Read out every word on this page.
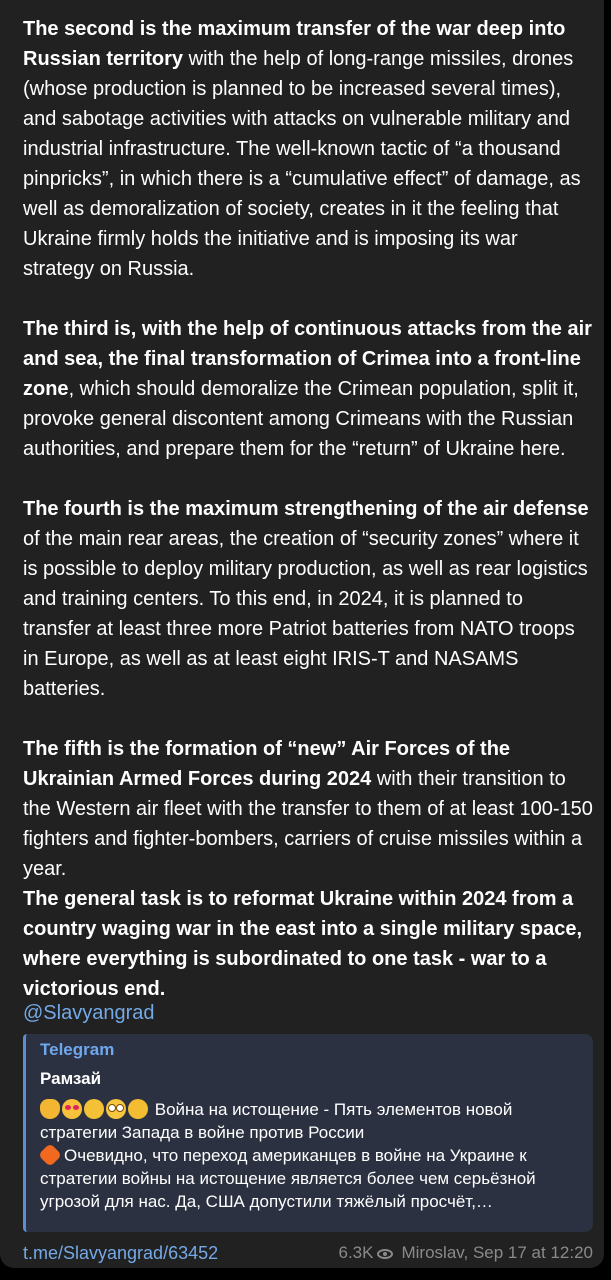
The second is the maximum transfer of the war deep into Russian territory with the help of long-range missiles, drones (whose production is planned to be increased several times), and sabotage activities with attacks on vulnerable military and industrial infrastructure. The well-known tactic of “a thousand pinpricks”, in which there is a “cumulative effect” of damage, as well as demoralization of society, creates in it the feeling that Ukraine firmly holds the initiative and is imposing its war strategy on Russia.

The third is, with the help of continuous attacks from the air and sea, the final transformation of Crimea into a front-line zone, which should demoralize the Crimean population, split it, provoke general discontent among Crimeans with the Russian authorities, and prepare them for the “return” of Ukraine here.

The fourth is the maximum strengthening of the air defense of the main rear areas, the creation of “security zones” where it is possible to deploy military production, as well as rear logistics and training centers. To this end, in 2024, it is planned to transfer at least three more Patriot batteries from NATO troops in Europe, as well as at least eight IRIS-T and NASAMS batteries.

The fifth is the formation of “new” Air Forces of the Ukrainian Armed Forces during 2024 with their transition to the Western air fleet with the transfer to them of at least 100-150 fighters and fighter-bombers, carriers of cruise missiles within a year.

The general task is to reformat Ukraine within 2024 from a country waging war in the east into a single military space, where everything is subordinated to one task - war to a victorious end.

@Slavyangrad
Telegram
Рамзай
Война на истощение - Пять элементов новой стратегии Запада в войне против России
Очевидно, что переход американцев в войне на Украине к стратегии войны на истощение является более чем серьёзной угрозой для нас. Да, США допустили тяжёлый просчёт,…
t.me/Slavyangrad/63452	6.3K Miroslav, Sep 17 at 12:20
